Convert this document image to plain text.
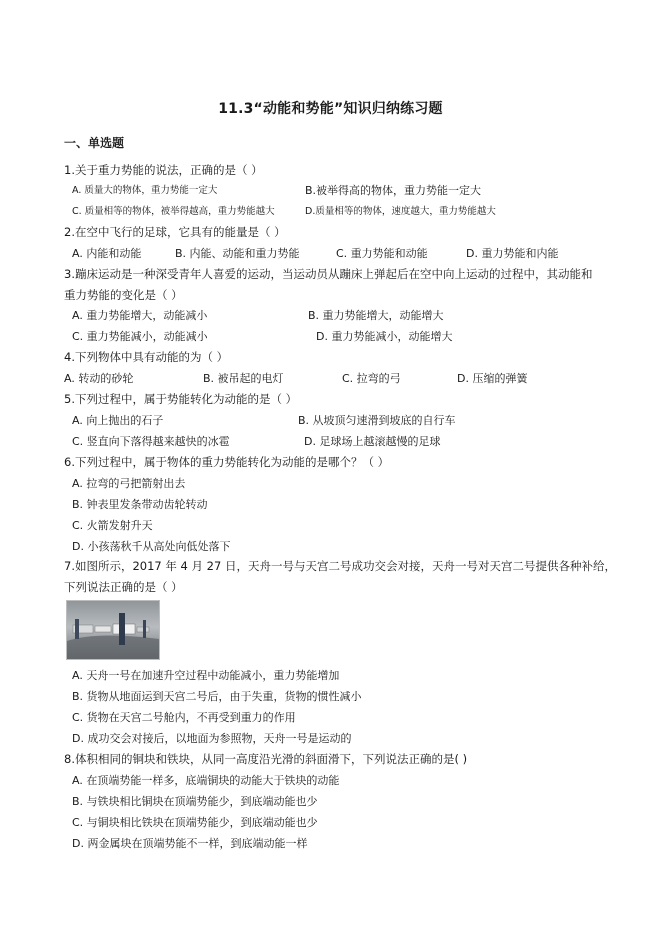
11.3“动能和势能”知识归纳练习题
一、单选题
1.关于重力势能的说法，正确的是（ ）
A. 质量大的物体，重力势能一定大	B.被举得高的物体，重力势能一定大
C. 质量相等的物体，被举得越高，重力势能越大	D.质量相等的物体，速度越大，重力势能越大
2.在空中飞行的足球，它具有的能量是（ ）
A. 内能和动能	B. 内能、动能和重力势能	C. 重力势能和动能	D. 重力势能和内能
3.蹦床运动是一种深受青年人喜爱的运动，当运动员从蹦床上弹起后在空中向上运动的过程中，其动能和
重力势能的变化是（ ）
A. 重力势能增大，动能减小	B. 重力势能增大，动能增大
C. 重力势能减小，动能减小	D. 重力势能减小，动能增大
4.下列物体中具有动能的为（ ）
A. 转动的砂轮	B. 被吊起的电灯	C. 拉弯的弓	D. 压缩的弹簧
5.下列过程中，属于势能转化为动能的是（ ）
A. 向上抛出的石子	B. 从坡顶匀速滑到坡底的自行车
C. 竖直向下落得越来越快的冰雹	D. 足球场上越滚越慢的足球
6.下列过程中，属于物体的重力势能转化为动能的是哪个？（ ）
A. 拉弯的弓把箭射出去
B. 钟表里发条带动齿轮转动
C. 火箭发射升天
D. 小孩荡秋千从高处向低处落下
7.如图所示，2017 年 4 月 27 日，天舟一号与天宫二号成功交会对接，天舟一号对天宫二号提供各种补给，
下列说法正确的是（ ）
A. 天舟一号在加速升空过程中动能减小，重力势能增加
B. 货物从地面运到天宫二号后，由于失重，货物的惯性减小
C. 货物在天宫二号舱内，不再受到重力的作用
D. 成功交会对接后，以地面为参照物，天舟一号是运动的
8.体积相同的铜块和铁块，从同一高度沿光滑的斜面滑下，下列说法正确的是( )
A. 在顶端势能一样多，底端铜块的动能大于铁块的动能
B. 与铁块相比铜块在顶端势能少，到底端动能也少
C. 与铜块相比铁块在顶端势能少，到底端动能也少
D. 两金属块在顶端势能不一样，到底端动能一样
